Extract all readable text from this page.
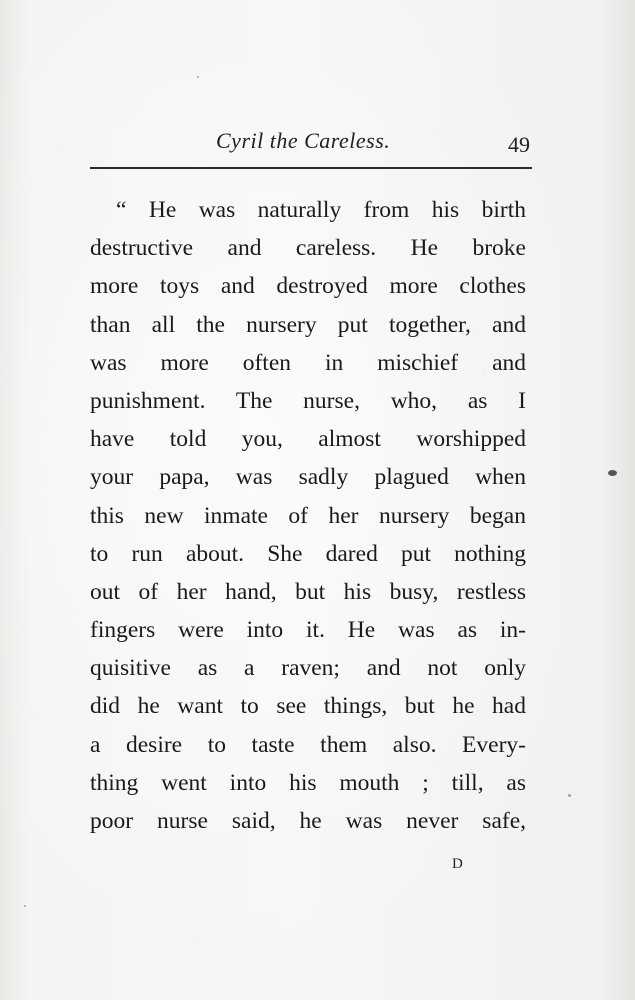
Cyril the Careless.	49
“ He was naturally from his birth
destructive and careless. He broke
more toys and destroyed more clothes
than all the nursery put together, and
was more often in mischief and
punishment. The nurse, who, as I
have told you, almost worshipped
your papa, was sadly plagued when
this new inmate of her nursery began
to run about. She dared put nothing
out of her hand, but his busy, restless
fingers were into it. He was as in-
quisitive as a raven; and not only
did he want to see things, but he had
a desire to taste them also. Every-
thing went into his mouth ; till, as
poor nurse said, he was never safe,
D
